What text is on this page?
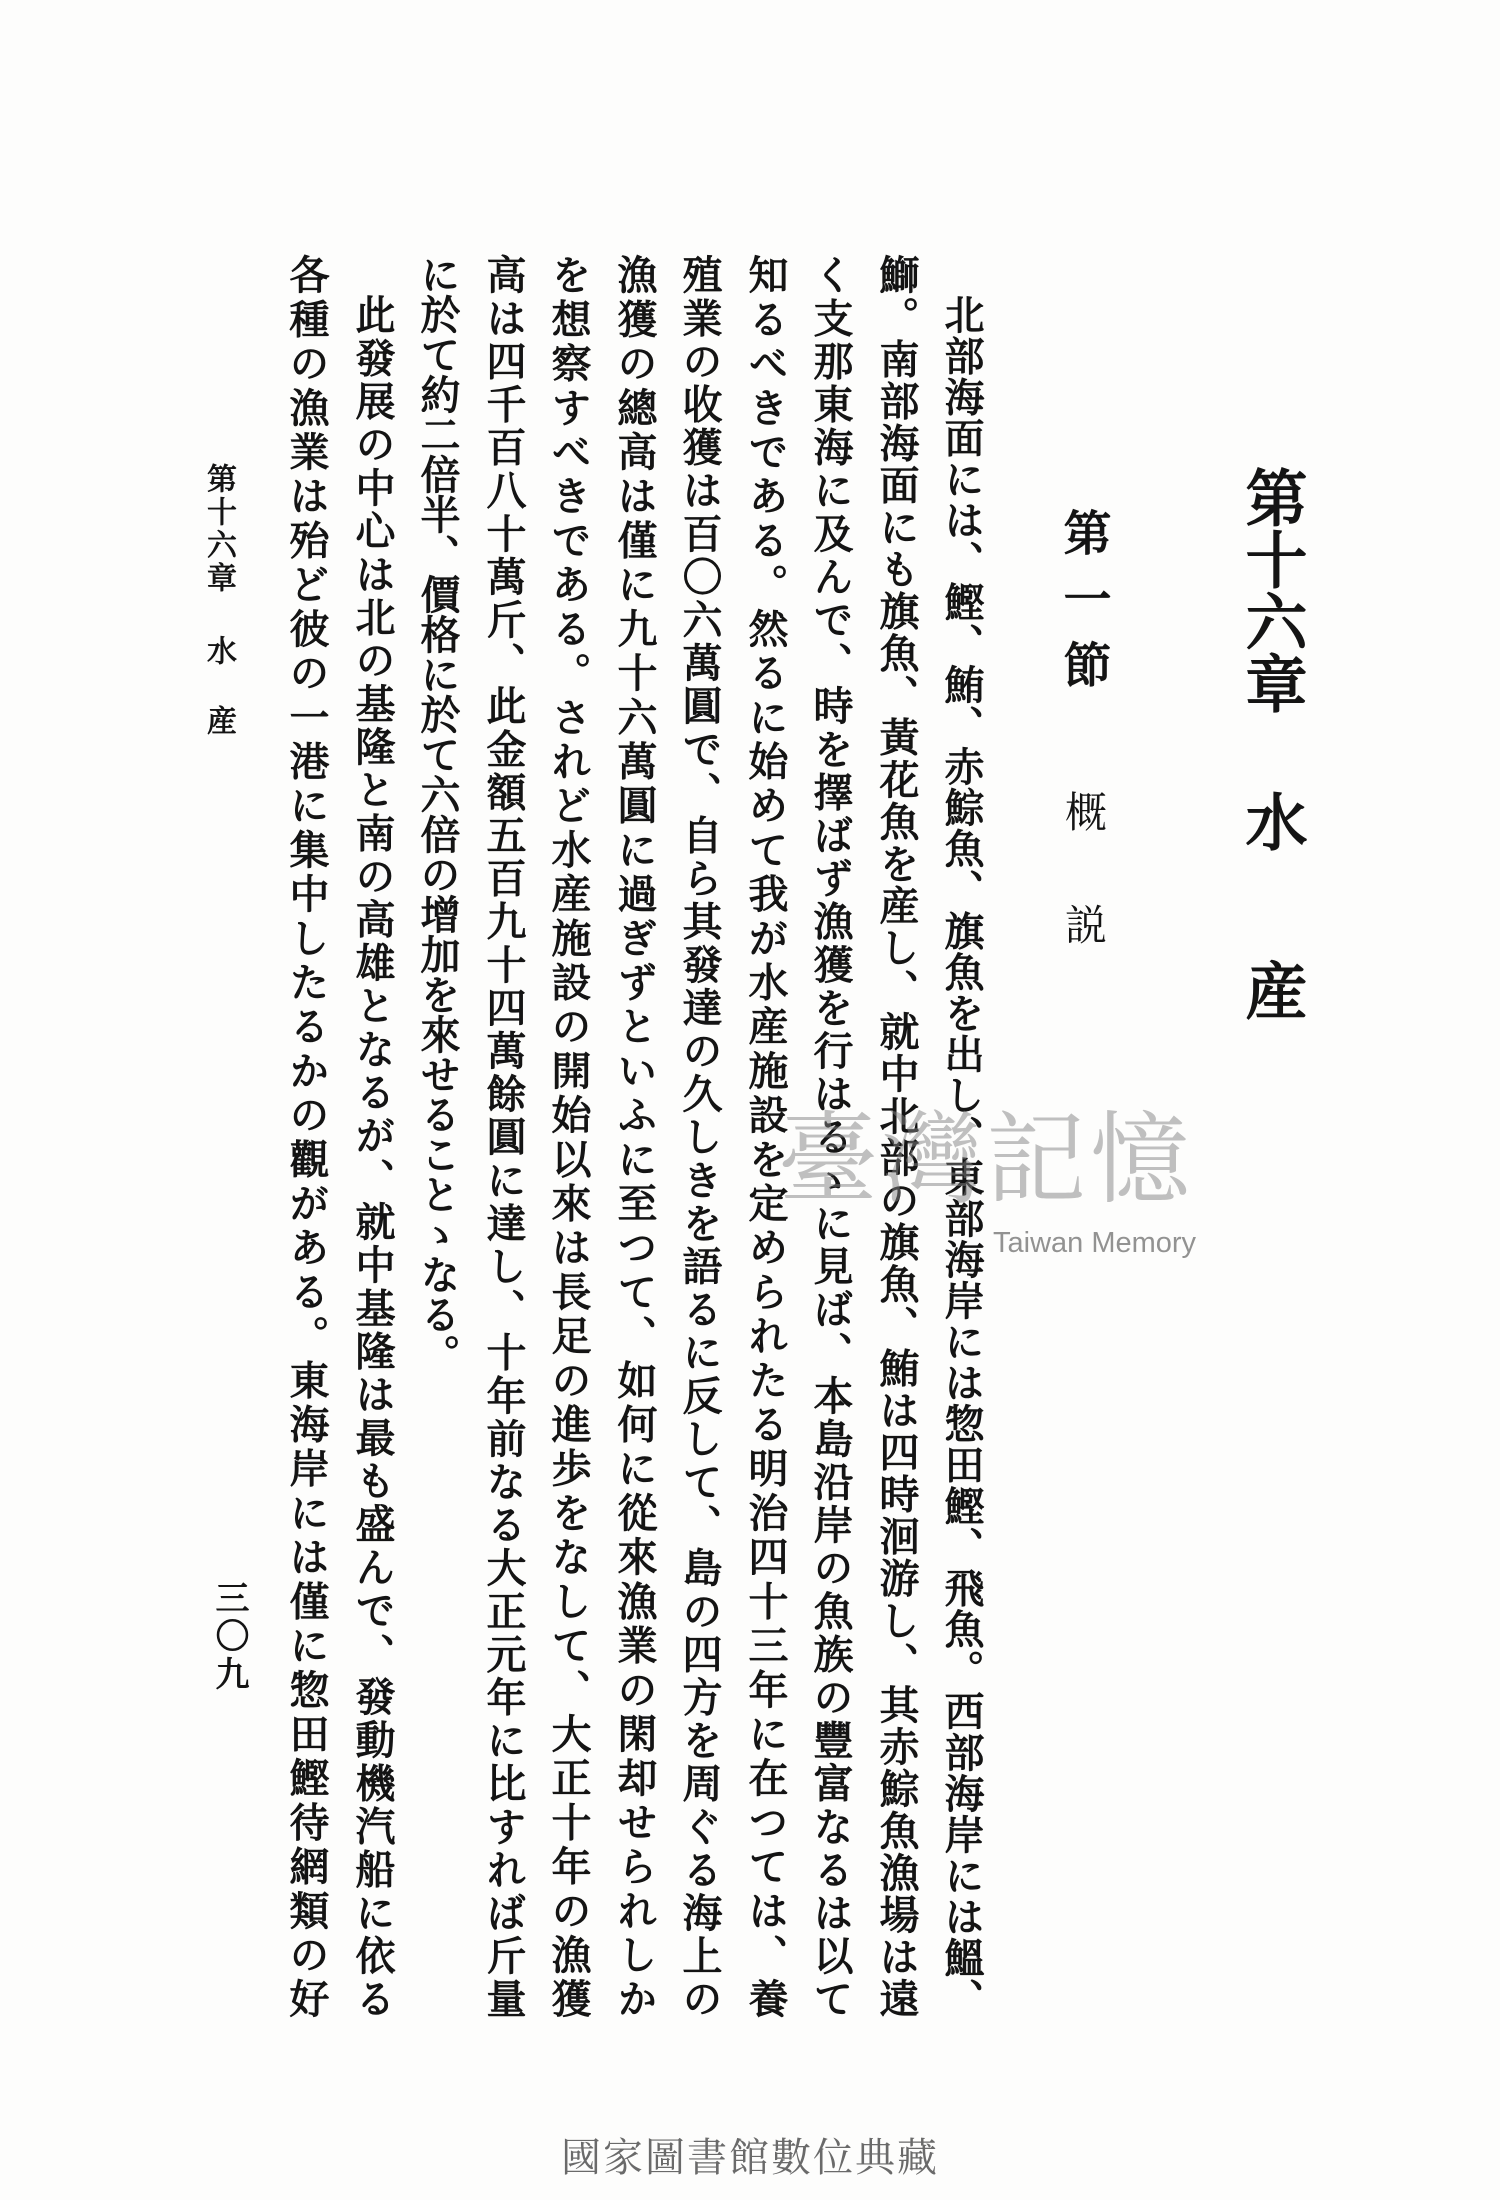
第十六章水産
第一節概説
北部海面には、鰹、鮪、赤鯮魚、旗魚を出し、東部海岸には惣田鰹、飛魚。西部海岸には鰮、
鰤。南部海面にも旗魚、黃花魚を産し、就中北部の旗魚、鮪は四時洄游し、其赤鯮魚漁場は遠
く支那東海に及んで、時を擇ばず漁獲を行はるゝに見ば、本島沿岸の魚族の豐富なるは以て
知るべきである。然るに始めて我が水産施設を定められたる明治四十三年に在つては、養
殖業の收獲は百〇六萬圓で、自ら其發達の久しきを語るに反して、島の四方を周ぐる海上の
漁獲の總高は僅に九十六萬圓に過ぎずといふに至つて、如何に從來漁業の閑却せられしか
を想察すべきである。されど水産施設の開始以來は長足の進歩をなして、大正十年の漁獲
高は四千百八十萬斤、此金額五百九十四萬餘圓に達し、十年前なる大正元年に比すれば斤量
に於て約二倍半、價格に於て六倍の增加を來せることゝなる。
此發展の中心は北の基隆と南の高雄となるが、就中基隆は最も盛んで、發動機汽船に依る
各種の漁業は殆ど彼の一港に集中したるかの觀がある。東海岸には僅に惣田鰹待網類の好
第十六章水産
三〇九
臺灣記憶
Taiwan Memory
國家圖書館數位典藏
